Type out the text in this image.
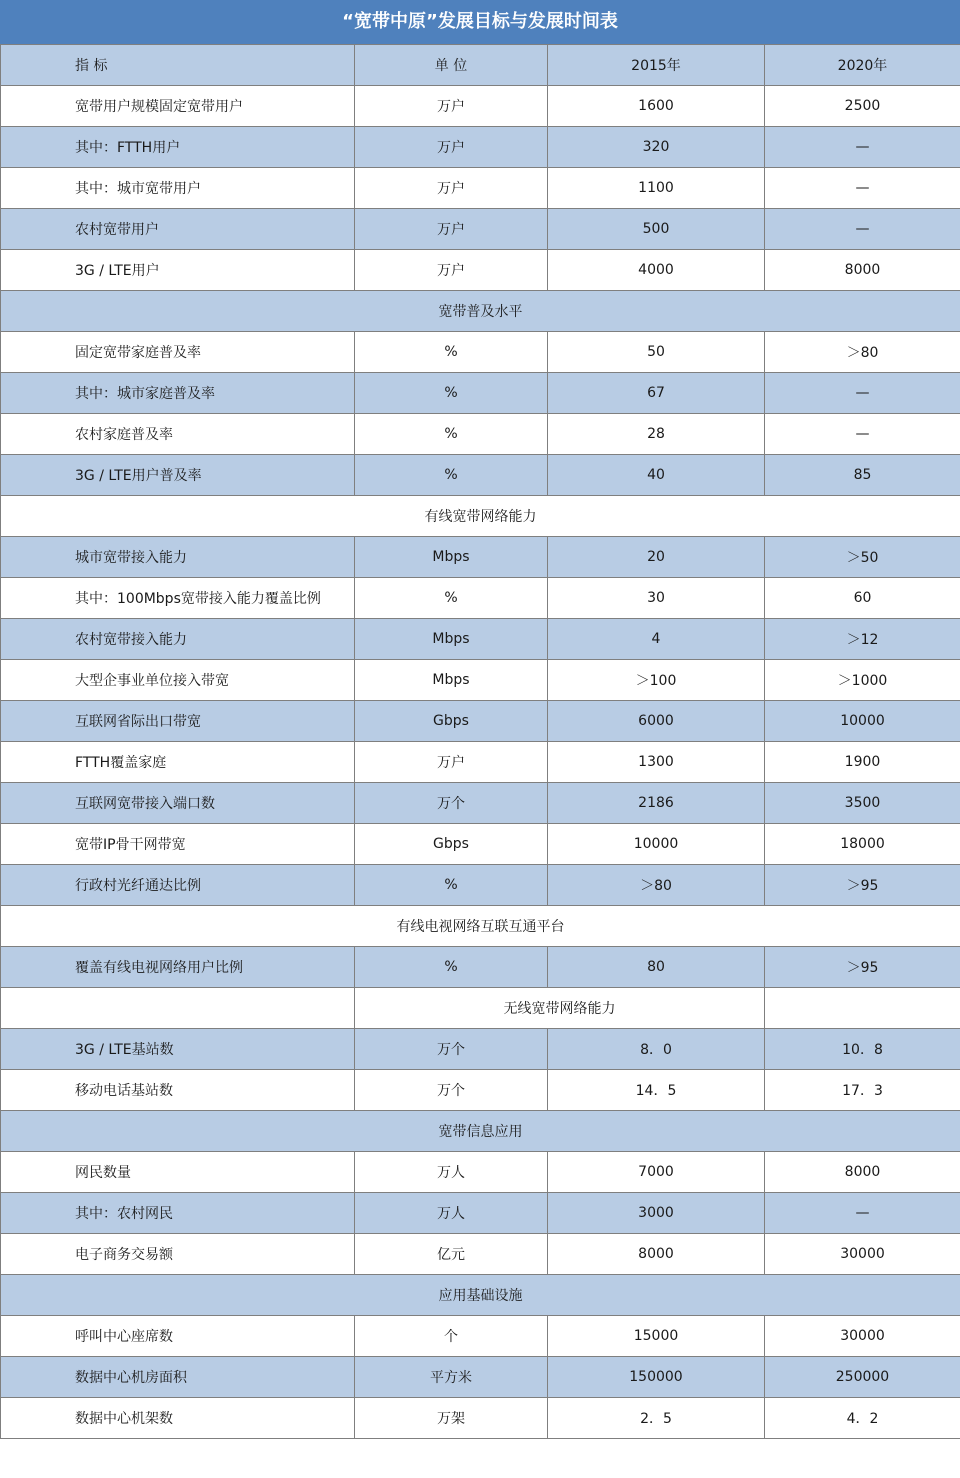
“宽带中原”发展目标与发展时间表
指 标	单 位	2015年	2020年
宽带用户规模固定宽带用户	万户	1600	2500
其中：FTTH用户	万户	320	—
其中：城市宽带用户	万户	1100	—
农村宽带用户	万户	500	—
3G / LTE用户	万户	4000	8000
宽带普及水平			
固定宽带家庭普及率	%	50	＞80
其中：城市家庭普及率	%	67	—
农村家庭普及率	%	28	—
3G / LTE用户普及率	%	40	85
有线宽带网络能力			
城市宽带接入能力	Mbps	20	＞50
其中：100Mbps宽带接入能力覆盖比例	%	30	60
农村宽带接入能力	Mbps	4	＞12
大型企事业单位接入带宽	Mbps	＞100	＞1000
互联网省际出口带宽	Gbps	6000	10000
FTTH覆盖家庭	万户	1300	1900
互联网宽带接入端口数	万个	2186	3500
宽带IP骨干网带宽	Gbps	10000	18000
行政村光纤通达比例	%	＞80	＞95
有线电视网络互联互通平台			
覆盖有线电视网络用户比例	%	80	＞95
	无线宽带网络能力		
3G / LTE基站数	万个	8．0	10．8
移动电话基站数	万个	14．5	17．3
宽带信息应用			
网民数量	万人	7000	8000
其中：农村网民	万人	3000	—
电子商务交易额	亿元	8000	30000
应用基础设施			
呼叫中心座席数	个	15000	30000
数据中心机房面积	平方米	150000	250000
数据中心机架数	万架	2．5	4．2
